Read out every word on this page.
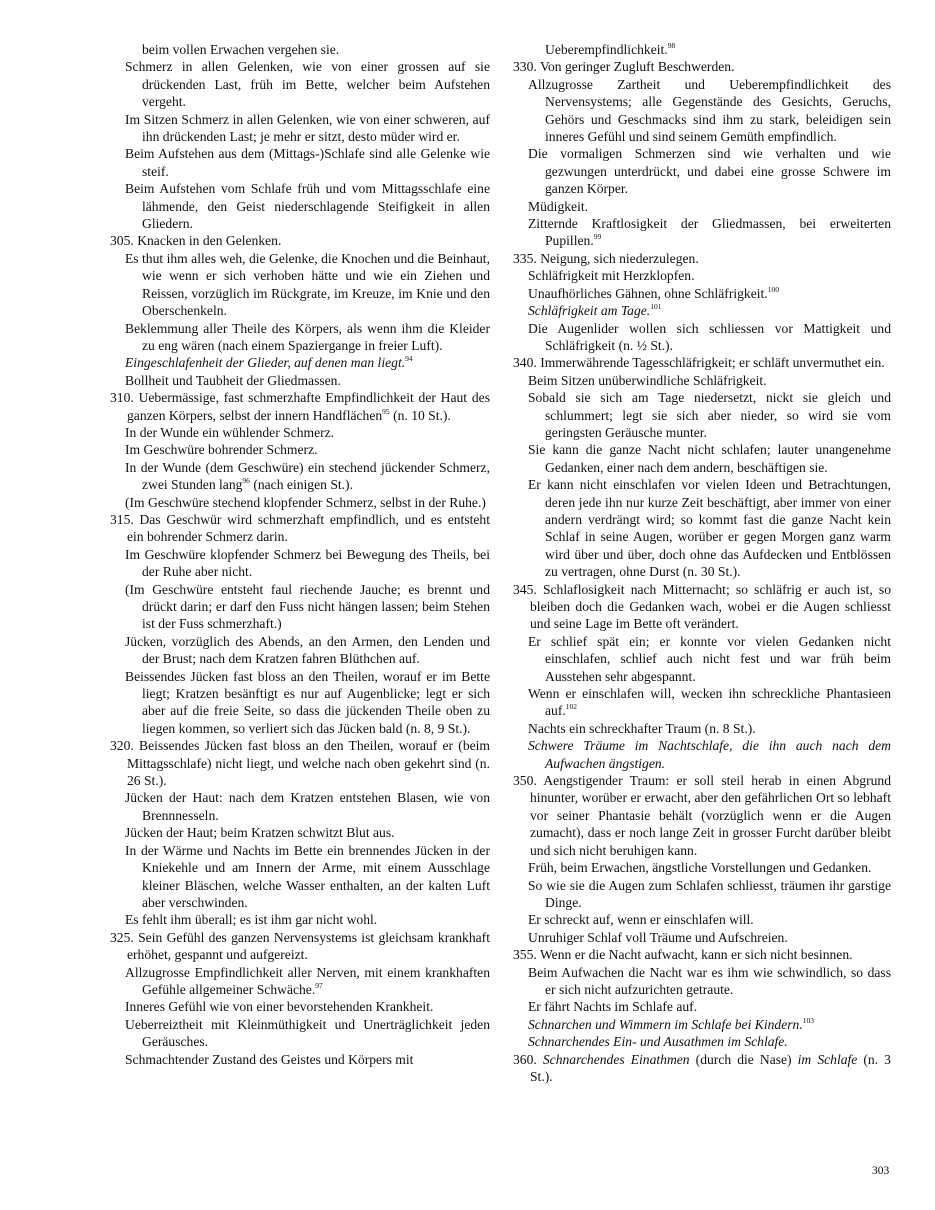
beim vollen Erwachen vergehen sie.
Schmerz in allen Gelenken, wie von einer grossen auf sie drückenden Last, früh im Bette, welcher beim Aufstehen vergeht.
Im Sitzen Schmerz in allen Gelenken, wie von einer schweren, auf ihn drückenden Last; je mehr er sitzt, desto müder wird er.
Beim Aufstehen aus dem (Mittags-)Schlafe sind alle Gelenke wie steif.
Beim Aufstehen vom Schlafe früh und vom Mittagsschlafe eine lähmende, den Geist niederschlagende Steifigkeit in allen Gliedern.
305. Knacken in den Gelenken.
Es thut ihm alles weh, die Gelenke, die Knochen und die Beinhaut, wie wenn er sich verhoben hätte und wie ein Ziehen und Reissen, vorzüglich im Rückgrate, im Kreuze, im Knie und den Oberschenkeln.
Beklemmung aller Theile des Körpers, als wenn ihm die Kleider zu eng wären (nach einem Spaziergange in freier Luft).
Eingeschlafenheit der Glieder, auf denen man liegt.$^{94}$
Bollheit und Taubheit der Gliedmassen.
310. Uebermässige, fast schmerzhafte Empfindlichkeit der Haut des ganzen Körpers, selbst der innern Handflächen$^{95}$ (n. 10 St.).
In der Wunde ein wühlender Schmerz.
Im Geschwüre bohrender Schmerz.
In der Wunde (dem Geschwüre) ein stechend jückender Schmerz, zwei Stunden lang$^{96}$ (nach einigen St.).
(Im Geschwüre stechend klopfender Schmerz, selbst in der Ruhe.)
315. Das Geschwür wird schmerzhaft empfindlich, und es entsteht ein bohrender Schmerz darin.
Im Geschwüre klopfender Schmerz bei Bewegung des Theils, bei der Ruhe aber nicht.
(Im Geschwüre entsteht faul riechende Jauche; es brennt und drückt darin; er darf den Fuss nicht hängen lassen; beim Stehen ist der Fuss schmerzhaft.)
Jücken, vorzüglich des Abends, an den Armen, den Lenden und der Brust; nach dem Kratzen fahren Blüthchen auf.
Beissendes Jücken fast bloss an den Theilen, worauf er im Bette liegt; Kratzen besänftigt es nur auf Augenblicke; legt er sich aber auf die freie Seite, so dass die jückenden Theile oben zu liegen kommen, so verliert sich das Jücken bald (n. 8, 9 St.).
320. Beissendes Jücken fast bloss an den Theilen, worauf er (beim Mittagsschlafe) nicht liegt, und welche nach oben gekehrt sind (n. 26 St.).
Jücken der Haut: nach dem Kratzen entstehen Blasen, wie von Brennnesseln.
Jücken der Haut; beim Kratzen schwitzt Blut aus.
In der Wärme und Nachts im Bette ein brennendes Jücken in der Kniekehle und am Innern der Arme, mit einem Ausschlage kleiner Bläschen, welche Wasser enthalten, an der kalten Luft aber verschwinden.
Es fehlt ihm überall; es ist ihm gar nicht wohl.
325. Sein Gefühl des ganzen Nervensystems ist gleichsam krankhaft erhöhet, gespannt und aufgereizt.
Allzugrosse Empfindlichkeit aller Nerven, mit einem krankhaften Gefühle allgemeiner Schwäche.$^{97}$
Inneres Gefühl wie von einer bevorstehenden Krankheit.
Ueberreiztheit mit Kleinmüthigkeit und Unerträglichkeit jeden Geräusches.
Schmachtender Zustand des Geistes und Körpers mit
Ueberempfindlichkeit.$^{98}$
330. Von geringer Zugluft Beschwerden.
Allzugrosse Zartheit und Ueberempfindlichkeit des Nervensystems; alle Gegenstände des Gesichts, Geruchs, Gehörs und Geschmacks sind ihm zu stark, beleidigen sein inneres Gefühl und sind seinem Gemüth empfindlich.
Die vormaligen Schmerzen sind wie verhalten und wie gezwungen unterdrückt, und dabei eine grosse Schwere im ganzen Körper.
Müdigkeit.
Zitternde Kraftlosigkeit der Gliedmassen, bei erweiterten Pupillen.$^{99}$
335. Neigung, sich niederzulegen.
Schläfrigkeit mit Herzklopfen.
Unaufhörliches Gähnen, ohne Schläfrigkeit.$^{100}$
Schläfrigkeit am Tage.$^{101}$
Die Augenlider wollen sich schliessen vor Mattigkeit und Schläfrigkeit (n. ½ St.).
340. Immerwährende Tagesschläfrigkeit; er schläft unvermuthet ein.
Beim Sitzen unüberwindliche Schläfrigkeit.
Sobald sie sich am Tage niedersetzt, nickt sie gleich und schlummert; legt sie sich aber nieder, so wird sie vom geringsten Geräusche munter.
Sie kann die ganze Nacht nicht schlafen; lauter unangenehme Gedanken, einer nach dem andern, beschäftigen sie.
Er kann nicht einschlafen vor vielen Ideen und Betrachtungen, deren jede ihn nur kurze Zeit beschäftigt, aber immer von einer andern verdrängt wird; so kommt fast die ganze Nacht kein Schlaf in seine Augen, worüber er gegen Morgen ganz warm wird über und über, doch ohne das Aufdecken und Entblössen zu vertragen, ohne Durst (n. 30 St.).
345. Schlaflosigkeit nach Mitternacht; so schläfrig er auch ist, so bleiben doch die Gedanken wach, wobei er die Augen schliesst und seine Lage im Bette oft verändert.
Er schlief spät ein; er konnte vor vielen Gedanken nicht einschlafen, schlief auch nicht fest und war früh beim Ausstehen sehr abgespannt.
Wenn er einschlafen will, wecken ihn schreckliche Phantasieen auf.$^{102}$
Nachts ein schreckhafter Traum (n. 8 St.).
Schwere Träume im Nachtschlafe, die ihn auch nach dem Aufwachen ängstigen.
350. Aengstigender Traum: er soll steil herab in einen Abgrund hinunter, worüber er erwacht, aber den gefährlichen Ort so lebhaft vor seiner Phantasie behält (vorzüglich wenn er die Augen zumacht), dass er noch lange Zeit in grosser Furcht darüber bleibt und sich nicht beruhigen kann.
Früh, beim Erwachen, ängstliche Vorstellungen und Gedanken.
So wie sie die Augen zum Schlafen schliesst, träumen ihr garstige Dinge.
Er schreckt auf, wenn er einschlafen will.
Unruhiger Schlaf voll Träume und Aufschreien.
355. Wenn er die Nacht aufwacht, kann er sich nicht besinnen.
Beim Aufwachen die Nacht war es ihm wie schwindlich, so dass er sich nicht aufzurichten getraute.
Er fährt Nachts im Schlafe auf.
Schnarchen und Wimmern im Schlafe bei Kindern.$^{103}$
Schnarchendes Ein- und Ausathmen im Schlafe.
360. Schnarchendes Einathmen (durch die Nase) im Schlafe (n. 3 St.).
303
